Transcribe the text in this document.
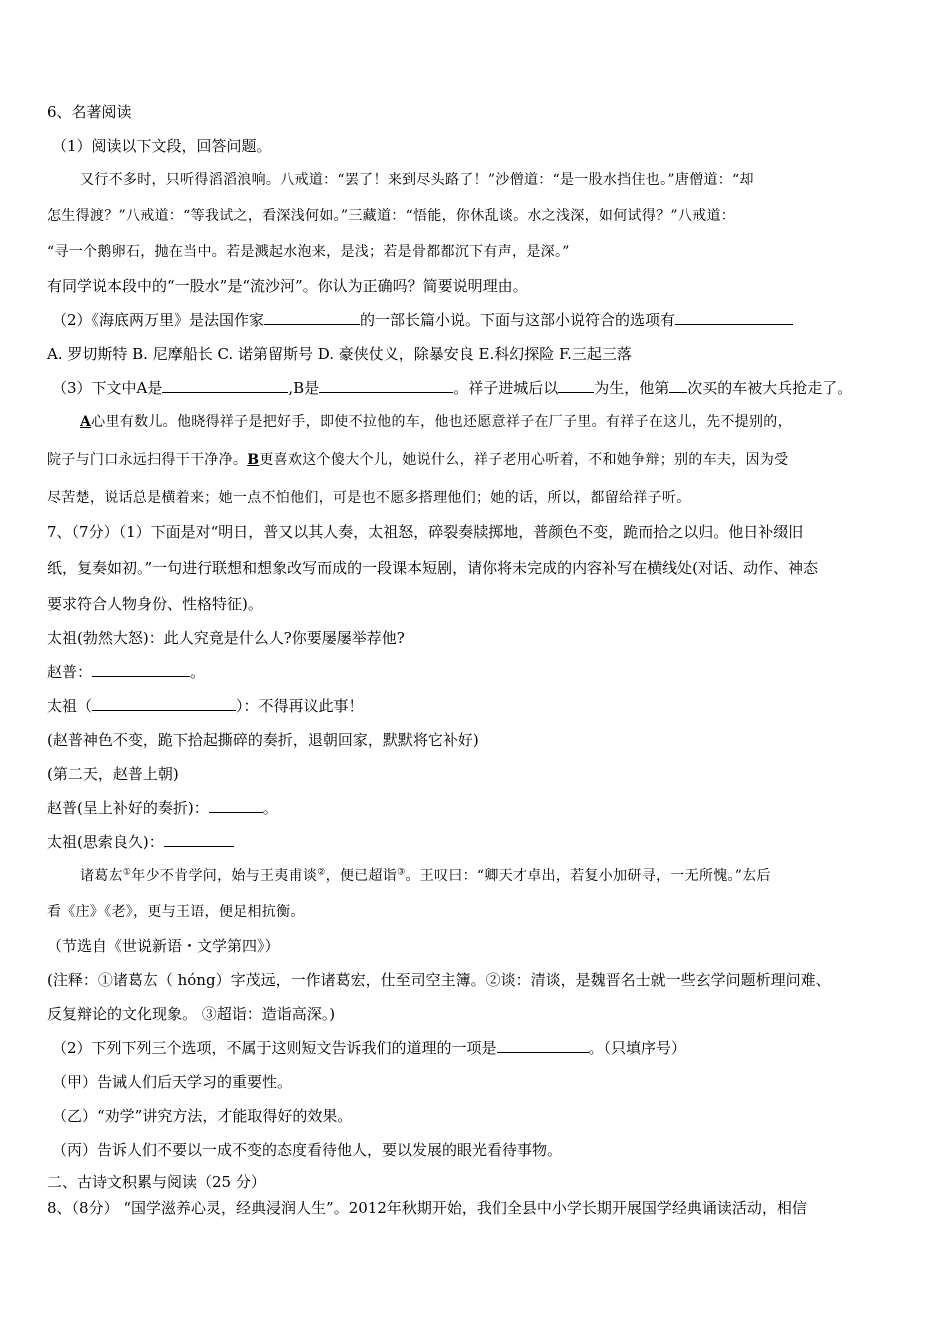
6、名著阅读
（1）阅读以下文段，回答问题。
又行不多时，只听得滔滔浪响。八戒道：“罢了！来到尽头路了！”沙僧道：“是一股水挡住也。”唐僧道：“却
怎生得渡？”八戒道：“等我试之，看深浅何如。”三藏道：“悟能，你休乱谈。水之浅深，如何试得？”八戒道：
“寻一个鹅卵石，抛在当中。若是溅起水泡来，是浅；若是骨都都沉下有声，是深。”
有同学说本段中的“一股水”是“流沙河”。你认为正确吗？简要说明理由。
（2）《海底两万里》是法国作家	的一部长篇小说。下面与这部小说符合的选项有
A. 罗切斯特 B. 尼摩船长 C. 诺第留斯号 D. 豪侠仗义，除暴安良 E.科幻探险 F.三起三落
（3）下文中A是	,B是	。祥子进城后以 为生，他第 次买的车被大兵抢走了。
A心里有数儿。他晓得祥子是把好手，即使不拉他的车，他也还愿意祥子在厂子里。有祥子在这儿，先不提别的，
院子与门口永远扫得干干净净。B更喜欢这个傻大个儿，她说什么，祥子老用心听着，不和她争辩；别的车夫，因为受
尽苦楚，说话总是横着来；她一点不怕他们，可是也不愿多搭理他们；她的话，所以，都留给祥子听。
7、（7分）（1）下面是对“明日，普又以其人奏，太祖怒，碎裂奏牍掷地，普颜色不变，跪而拾之以归。他日补缀旧
纸，复奏如初。”一句进行联想和想象改写而成的一段课本短剧，请你将未完成的内容补写在横线处(对话、动作、神态
要求符合人物身份、性格特征)。
太祖(勃然大怒)：此人究竟是什么人?你要屡屡举荐他?
赵普：	。
太祖（	）：不得再议此事！
(赵普神色不变，跪下拾起撕碎的奏折，退朝回家，默默将它补好)
(第二天，赵普上朝)
赵普(呈上补好的奏折)：	。
太祖(思索良久)：
诸葛厷①年少不肯学问，始与王夷甫谈②，便已超诣③。王叹曰：“卿天才卓出，若复小加研寻，一无所愧。”厷后
看《庄》《老》，更与王语，便足相抗衡。
（节选自《世说新语・文学第四》）
(注释：①诸葛厷（ hóng）字茂远，一作诸葛宏，仕至司空主簿。②谈：清谈，是魏晋名士就一些玄学问题析理问难、
反复辩论的文化现象。 ③超诣：造诣高深。)
（2）下列下列三个选项，不属于这则短文告诉我们的道理的一项是	。（只填序号）
（甲）告诫人们后天学习的重要性。
（乙）“劝学”讲究方法，才能取得好的效果。
（丙）告诉人们不要以一成不变的态度看待他人，要以发展的眼光看待事物。
二、古诗文积累与阅读（25 分）
8、（8分） “国学滋养心灵，经典浸润人生”。2012年秋期开始，我们全县中小学长期开展国学经典诵读活动，相信
